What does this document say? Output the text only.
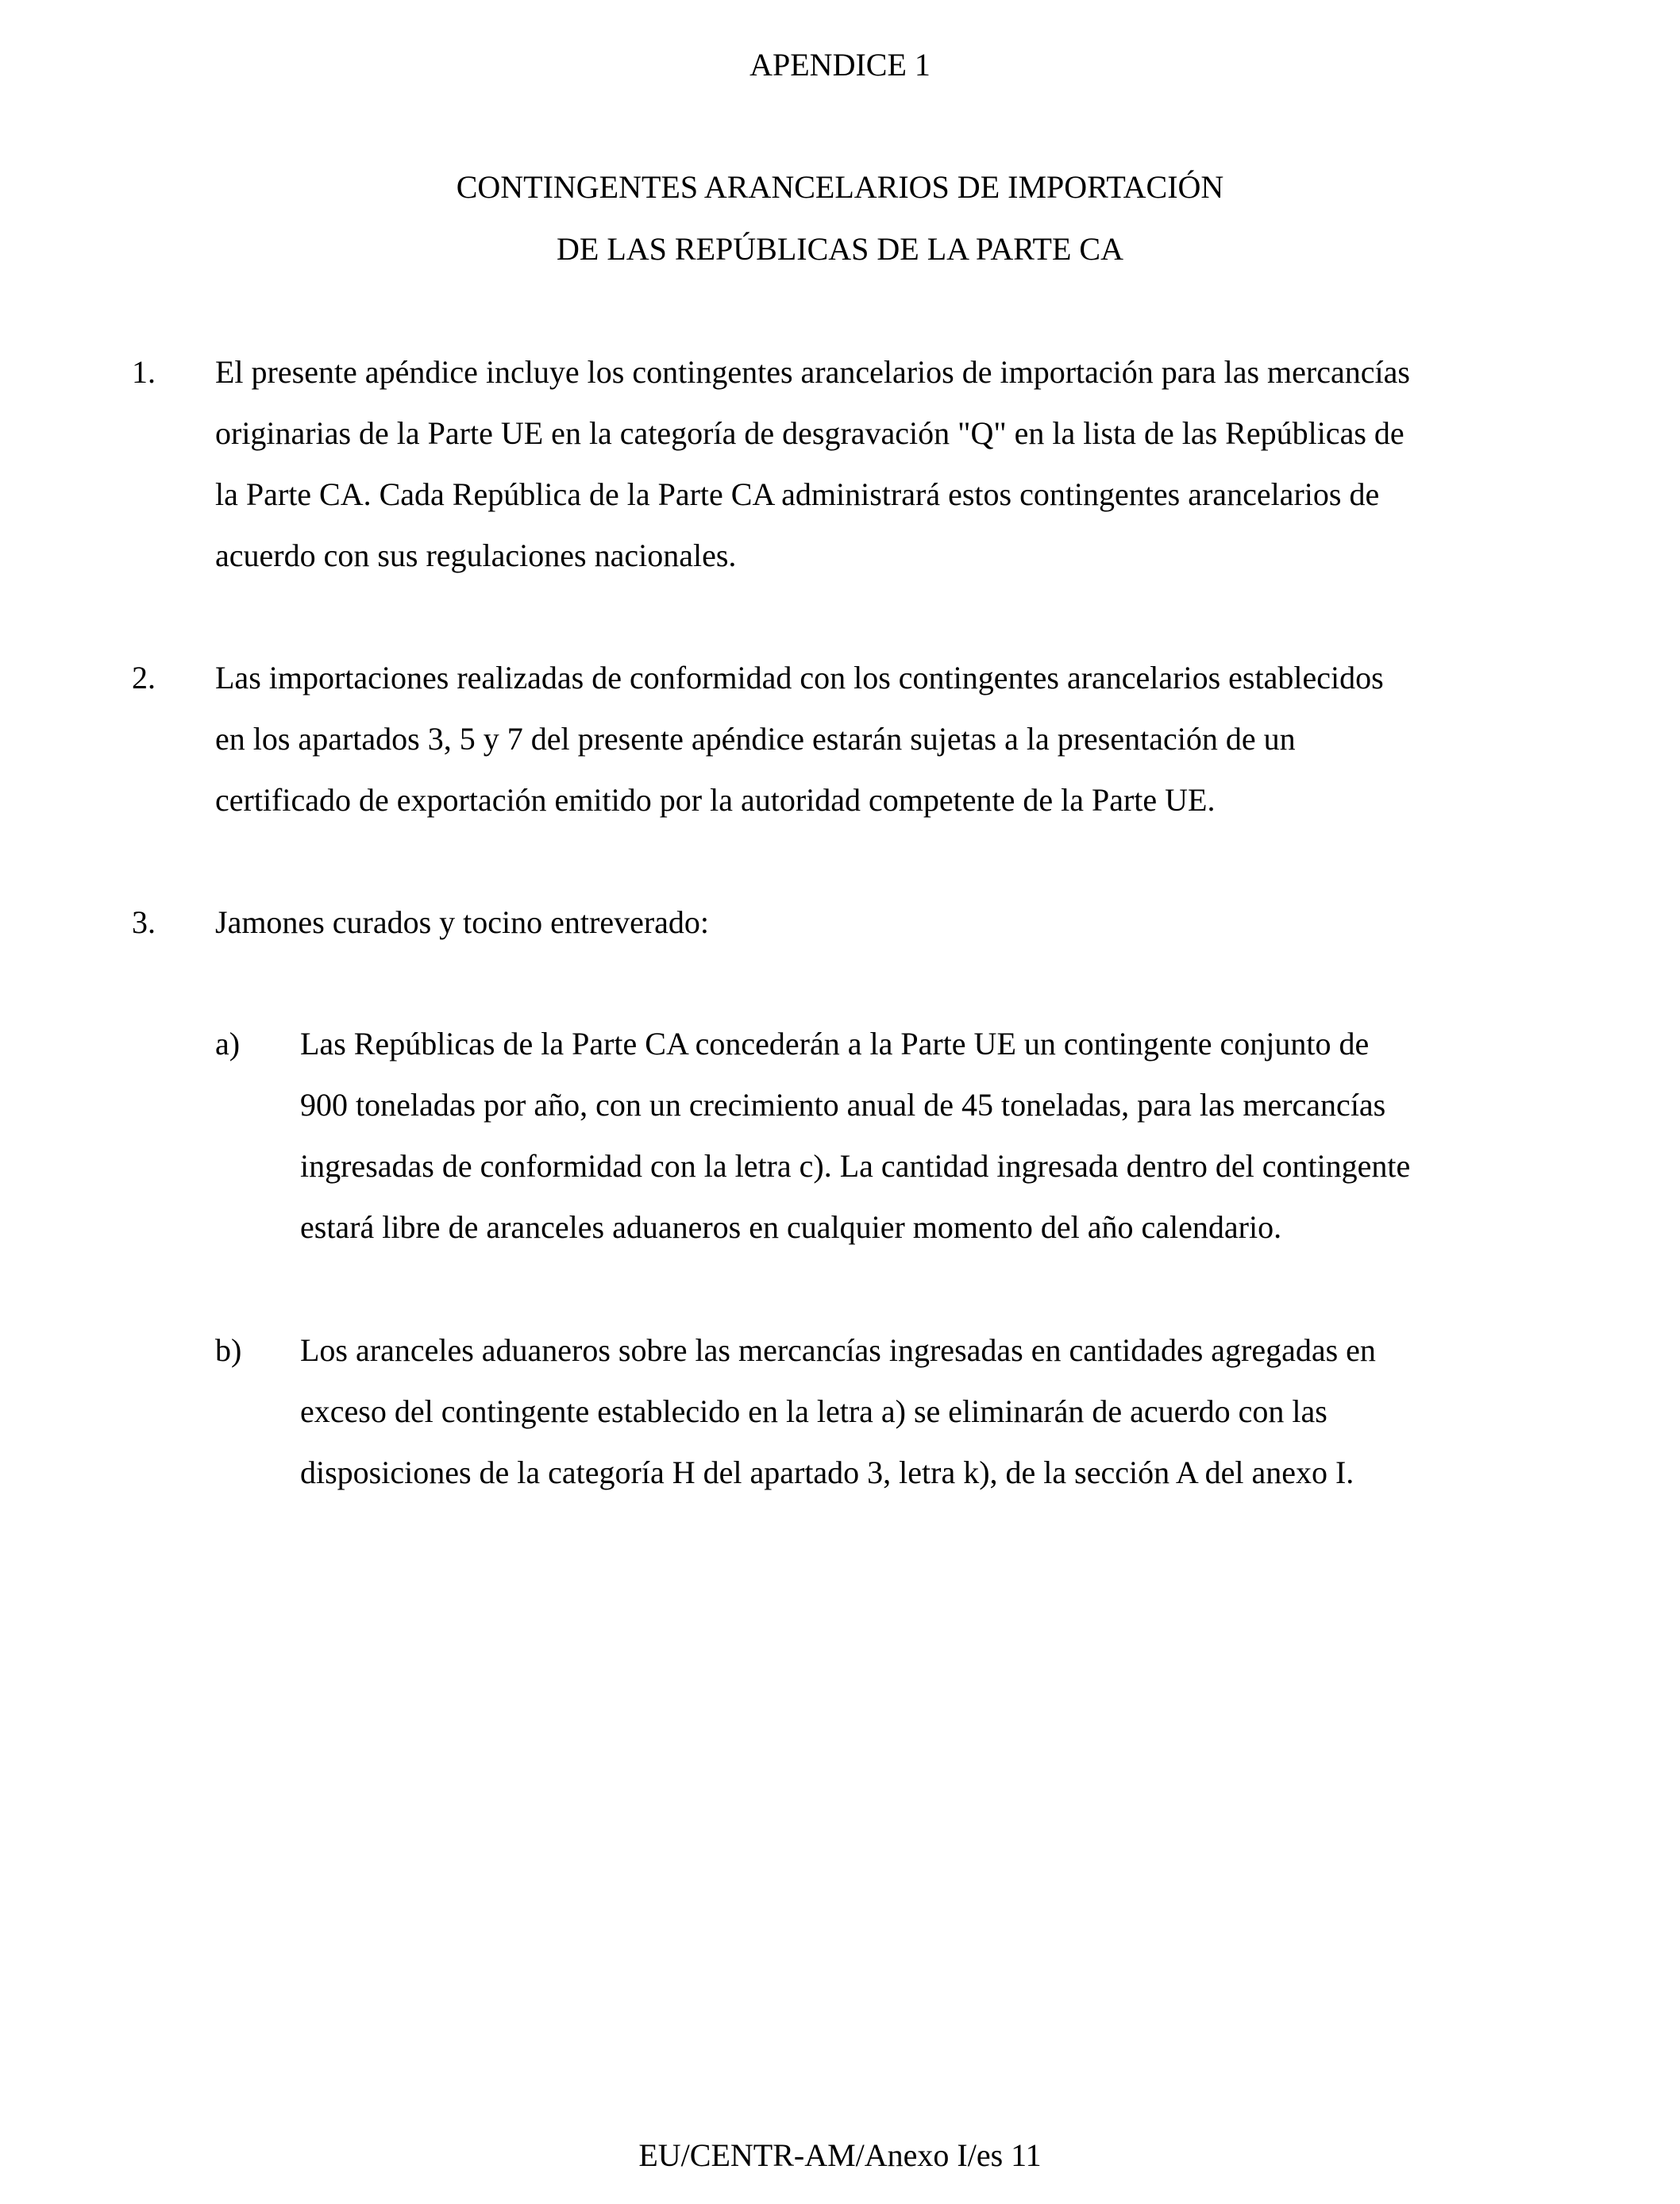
APENDICE 1
CONTINGENTES ARANCELARIOS DE IMPORTACIÓN
DE LAS REPÚBLICAS DE LA PARTE CA
1. El presente apéndice incluye los contingentes arancelarios de importación para las mercancías
originarias de la Parte UE en la categoría de desgravación "Q" en la lista de las Repúblicas de
la Parte CA. Cada República de la Parte CA administrará estos contingentes arancelarios de
acuerdo con sus regulaciones nacionales.
2. Las importaciones realizadas de conformidad con los contingentes arancelarios establecidos
en los apartados 3, 5 y 7 del presente apéndice estarán sujetas a la presentación de un
certificado de exportación emitido por la autoridad competente de la Parte UE.
3. Jamones curados y tocino entreverado:
a) Las Repúblicas de la Parte CA concederán a la Parte UE un contingente conjunto de
900 toneladas por año, con un crecimiento anual de 45 toneladas, para las mercancías
ingresadas de conformidad con la letra c). La cantidad ingresada dentro del contingente
estará libre de aranceles aduaneros en cualquier momento del año calendario.
b) Los aranceles aduaneros sobre las mercancías ingresadas en cantidades agregadas en
exceso del contingente establecido en la letra a) se eliminarán de acuerdo con las
disposiciones de la categoría H del apartado 3, letra k), de la sección A del anexo I.
EU/CENTR-AM/Anexo I/es 11
